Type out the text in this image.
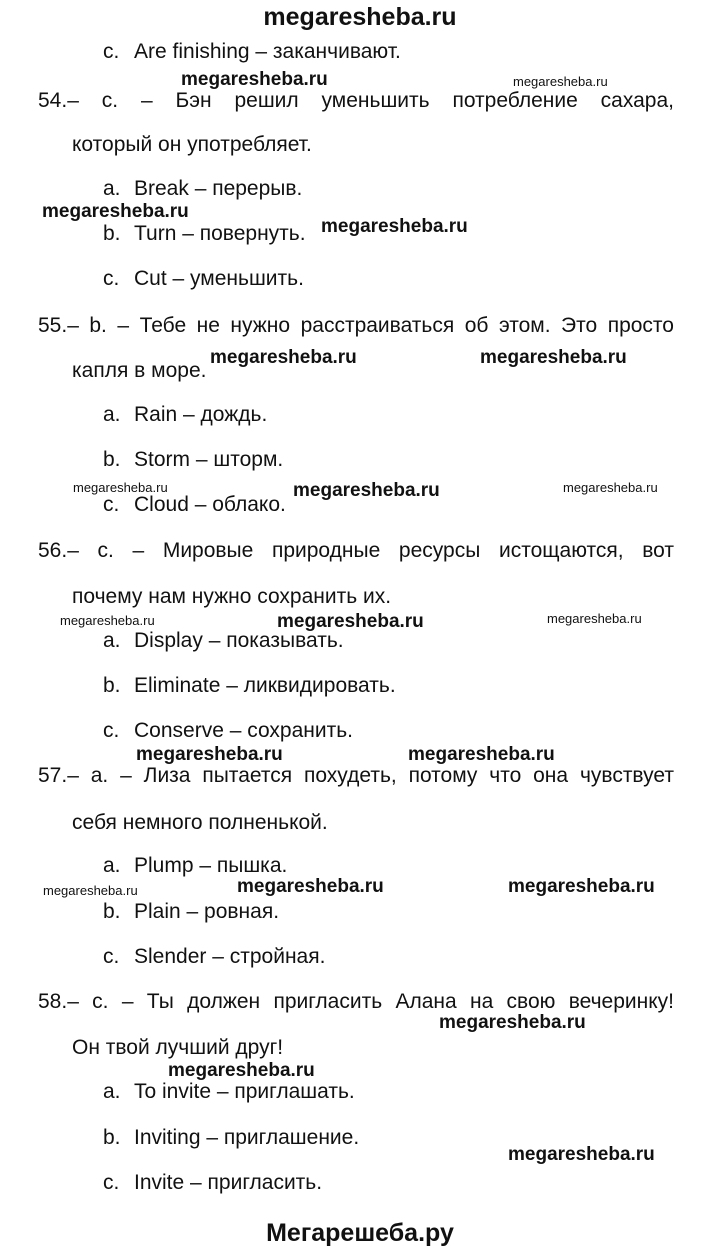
megaresheba.ru
c. Are finishing – заканчивают.
54.– c. – Бэн решил уменьшить потребление сахара,
который он употребляет.
a. Break – перерыв.
b. Turn – повернуть.
c. Cut – уменьшить.
55.– b. – Тебе не нужно расстраиваться об этом. Это просто
капля в море.
a. Rain – дождь.
b. Storm – шторм.
c. Cloud – облако.
56.– c. – Мировые природные ресурсы истощаются, вот
почему нам нужно сохранить их.
a. Display – показывать.
b. Eliminate – ликвидировать.
c. Conserve – сохранить.
57.– a. – Лиза пытается похудеть, потому что она чувствует
себя немного полненькой.
a. Plump – пышка.
b. Plain – ровная.
c. Slender – стройная.
58.– c. – Ты должен пригласить Алана на свою вечеринку!
Он твой лучший друг!
a. To invite – приглашать.
b. Inviting – приглашение.
c. Invite – пригласить.
megaresheba.ru	megaresheba.ru
megaresheba.ru
megaresheba.ru
megaresheba.ru	megaresheba.ru
megaresheba.ru	megaresheba.ru	megaresheba.ru
megaresheba.ru	megaresheba.ru	megaresheba.ru
megaresheba.ru	megaresheba.ru
megaresheba.ru	megaresheba.ru	megaresheba.ru
megaresheba.ru
megaresheba.ru
megaresheba.ru
Мегарешеба.ру
